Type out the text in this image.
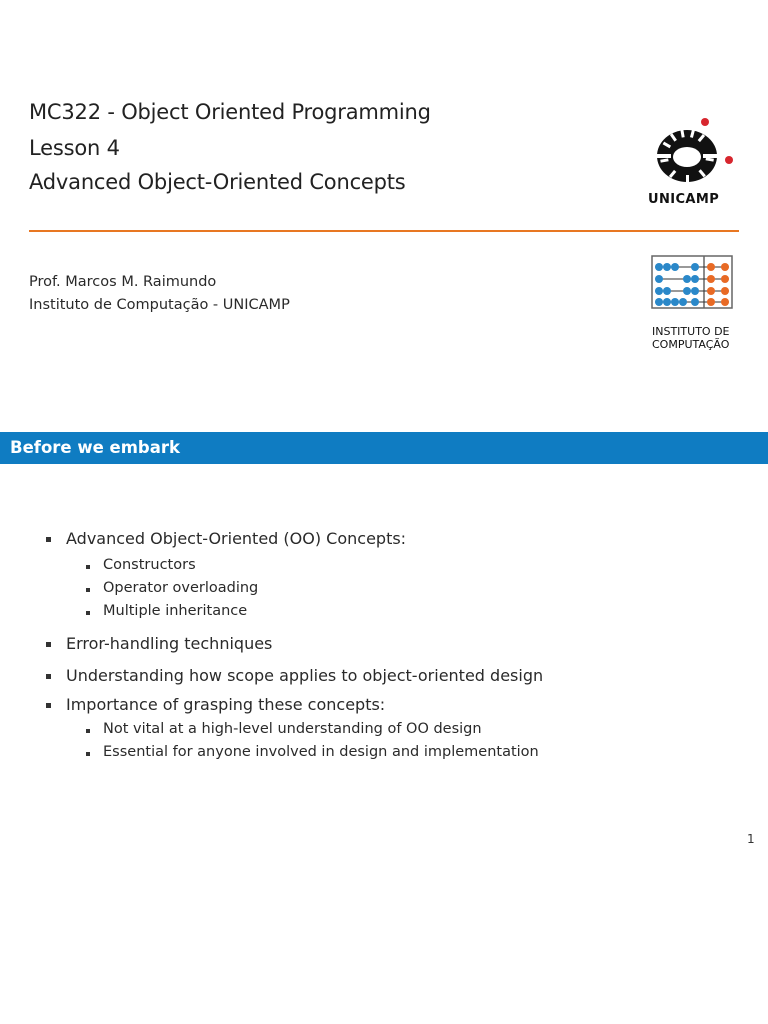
MC322 - Object Oriented Programming
Lesson 4
Advanced Object-Oriented Concepts
UNICAMP
Prof. Marcos M. Raimundo
Instituto de Computação - UNICAMP
INSTITUTO DE
COMPUTAÇÃO
Before we embark
Advanced Object-Oriented (OO) Concepts:
Constructors
Operator overloading
Multiple inheritance
Error-handling techniques
Understanding how scope applies to object-oriented design
Importance of grasping these concepts:
Not vital at a high-level understanding of OO design
Essential for anyone involved in design and implementation
1
